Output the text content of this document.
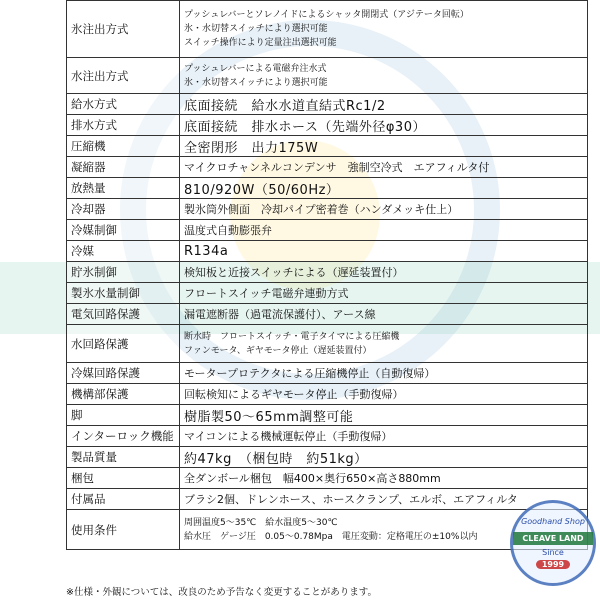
氷注出方式	プッシュレバーとソレノイドによるシャッタ開閉式（アジテータ回転）
氷・水切替スイッチにより選択可能
スイッチ操作により定量注出選択可能

水注出方式	プッシュレバーによる電磁弁注水式
氷・水切替スイッチにより選択可能

給水方式	底面接続　給水水道直結式Rc1/2
排水方式	底面接続　排水ホース（先端外径φ30）
圧縮機	全密閉形　出力175W
凝縮器	マイクロチャンネルコンデンサ　強制空冷式　エアフィルタ付
放熱量	810/920W（50/60Hz）
冷却器	製氷筒外側面　冷却パイプ密着巻（ハンダメッキ仕上）
冷媒制御	温度式自動膨張弁
冷媒	R134a
貯氷制御	検知板と近接スイッチによる（遅延装置付）
製氷水量制御	フロートスイッチ電磁弁連動方式
電気回路保護	漏電遮断器（過電流保護付）、アース線
水回路保護	断水時　フロートスイッチ・電子タイマによる圧縮機
ファンモータ、ギヤモータ停止（遅延装置付）

冷媒回路保護	モータープロテクタによる圧縮機停止（自動復帰）
機構部保護	回転検知によるギヤモータ停止（手動復帰）
脚	樹脂製50～65mm調整可能
インターロック機能	マイコンによる機械運転停止（手動復帰）
製品質量	約47kg　（梱包時　約51kg）
梱包	全ダンボール梱包　幅400×奥行650×高さ880mm
付属品	ブラシ2個、ドレンホース、ホースクランプ、エルボ、エアフィルタ
使用条件	周囲温度5～35℃　給水温度5～30℃
給水圧　ゲージ圧　0.05～0.78Mpa　電圧変動：定格電圧の±10%以内
※仕様・外観については、改良のため予告なく変更することがあります。
Goodhand Shop
CLEAVE LAND
Since
1999
